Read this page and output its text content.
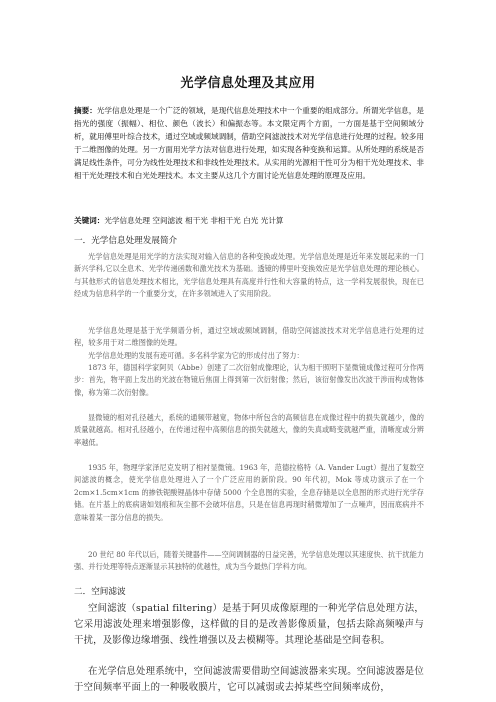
光学信息处理及其应用

摘要：光学信息处理是一个广泛的领域，是现代信息处理技术中一个重要的组成部分。所谓光学信息，是指光的强度（振幅）、相位、颜色（波长）和偏振态等。本文限定两个方面，一方面是基于空间频域分析，就用傅里叶综合技术，通过空域或频域调制，借助空间滤波技术对光学信息进行处理的过程。较多用于二维图像的处理。另一方面用光学方法对信息进行处理，如实现各种变换和运算。从所处理的系统是否满足线性条件，可分为线性处理技术和非线性处理技术。从实用的光源相干性可分为相干光处理技术、非相干光处理技术和白光处理技术。本文主要从这几个方面讨论光信息处理的原理及应用。

关键词：光学信息处理 空间滤波 相干光 非相干光 白光 光计算

一．光学信息处理发展简介

光学信息处理是用光学的方法实现对输入信息的各种变换或处理。光学信息处理是近年来发展起来的一门新兴学科,它以全息术、光学传递函数和激光技术为基础。透镜的傅里叶变换效应是光学信息处理的理论核心。与其他形式的信息处理技术相比，光学信息处理具有高度并行性和大容量的特点，这一学科发展很快，现在已经成为信息科学的一个重要分支，在许多领域进入了实用阶段。

光学信息处理是基于光学频谱分析，通过空域或频域调制，借助空间滤波技术对光学信息进行处理的过程，较多用于对二维图像的处理。

光学信息处理的发展有迹可循。多名科学家为它的形成付出了努力：

1873 年，德国科学家阿贝（Abbe）创建了二次衍射成像理论，认为相干照明下显微镜成像过程可分作两步：首先，物平面上发出的光波在物镜后焦面上得到第一次衍射像；然后，该衍射像发出次波干涉而构成物体像，称为第二次衍射像。

显微镜的相对孔径越大，系统的通频带越宽，物体中所包含的高频信息在成像过程中的损失就越少，像的质量就越高。相对孔径越小，在传递过程中高频信息的损失就越大，像的失真或畸变就越严重，清晰度或分辨率越低。

1935 年，物理学家泽尼克发明了相衬显微镜。1963 年，范德拉格特（A. Vander Lugt）提出了复数空间滤波的概念，使光学信息处理进入了一个广泛应用的新阶段。90 年代初，Mok 等成功演示了在一个 2cm×1.5cm×1cm 的掺铁铌酸锂晶体中存储 5000 个全息图的实验，全息存储是以全息图的形式进行光学存储。在片基上的底病诸如划痕和灰尘都不会破坏信息，只是在信息再现时稍微增加了一点噪声，因而底病并不意味着某一部分信息的损失。

20 世纪 80 年代以后，随着关键器件——空间调制器的日益完善，光学信息处理以其速度快、抗干扰能力强、并行处理等特点逐渐显示其独特的优越性，成为当今最热门学科方向。

二．空间滤波

空间滤波（spatial filtering）是基于阿贝成像原理的一种光学信息处理方法，它采用滤波处理来增强影像，这样做的目的是改善影像质量，包括去除高频噪声与干扰，及影像边缘增强、线性增强以及去模糊等。其理论基础是空间卷积。

在光学信息处理系统中，空间滤波需要借助空间滤波器来实现。空间滤波器是位于空间频率平面上的一种吸收膜片，它可以减弱或去掉某些空间频率成份，
